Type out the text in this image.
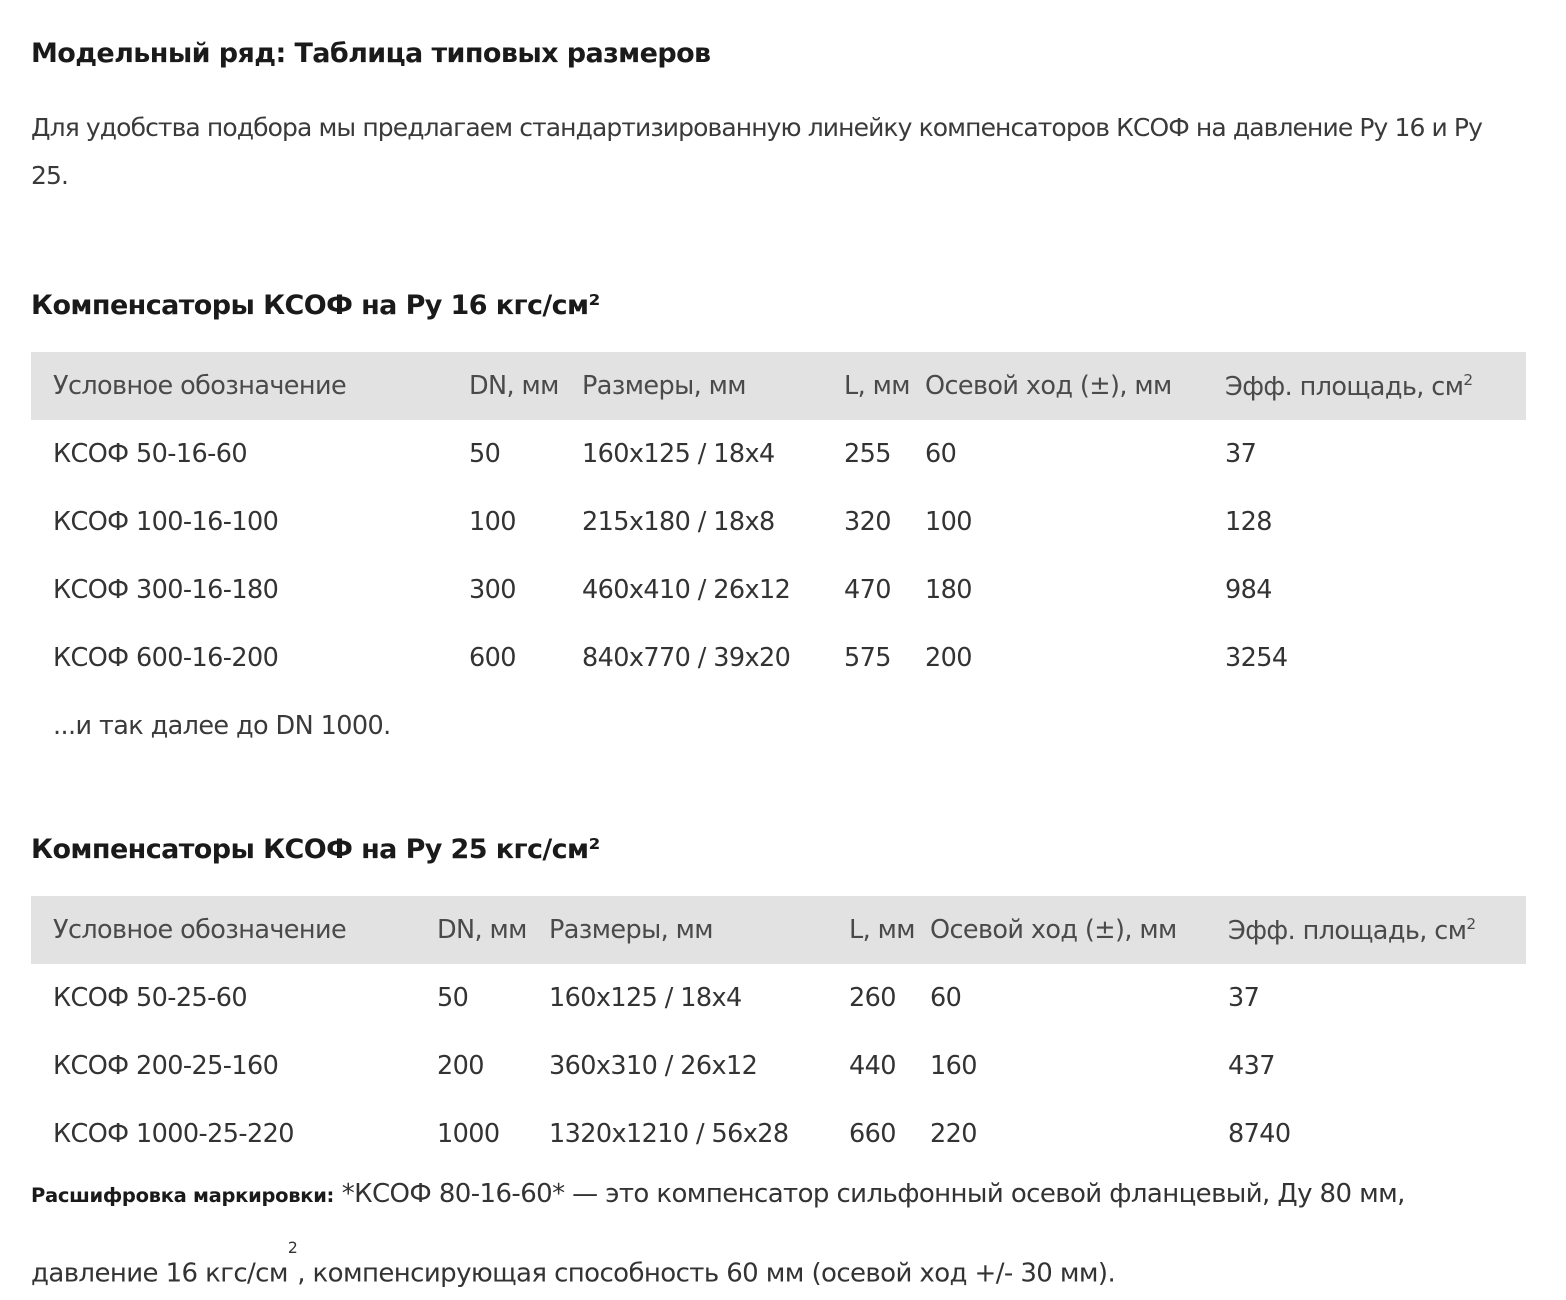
Модельный ряд: Таблица типовых размеров

Для удобства подбора мы предлагаем стандартизированную линейку компенсаторов КСОФ на давление Ру 16 и Ру 25.

Компенсаторы КСОФ на Ру 16 кгс/см²
Условное обозначение	DN, мм	Размеры, мм	L, мм	Осевой ход (±), мм	Эфф. площадь, $см^2$
КСОФ 50-16-60	50	160x125 / 18x4	255	60	37
КСОФ 100-16-100	100	215x180 / 18x8	320	100	128
КСОФ 300-16-180	300	460x410 / 26x12	470	180	984
КСОФ 600-16-200	600	840x770 / 39x20	575	200	3254
...и так далее до DN 1000.					
Компенсаторы КСОФ на Ру 25 кгс/см²
Условное обозначение	DN, мм	Размеры, мм	L, мм	Осевой ход (±), мм	Эфф. площадь, $см^2$
КСОФ 50-25-60	50	160x125 / 18x4	260	60	37
КСОФ 200-25-160	200	360x310 / 26x12	440	160	437
КСОФ 1000-25-220	1000	1320x1210 / 56x28	660	220	8740

Расшифровка маркировки: *КСОФ 80-16-60* — это компенсатор сильфонный осевой фланцевый, Ду 80 мм, давление 16 кгс/$см^2$, компенсирующая способность 60 мм (осевой ход +/- 30 мм).
